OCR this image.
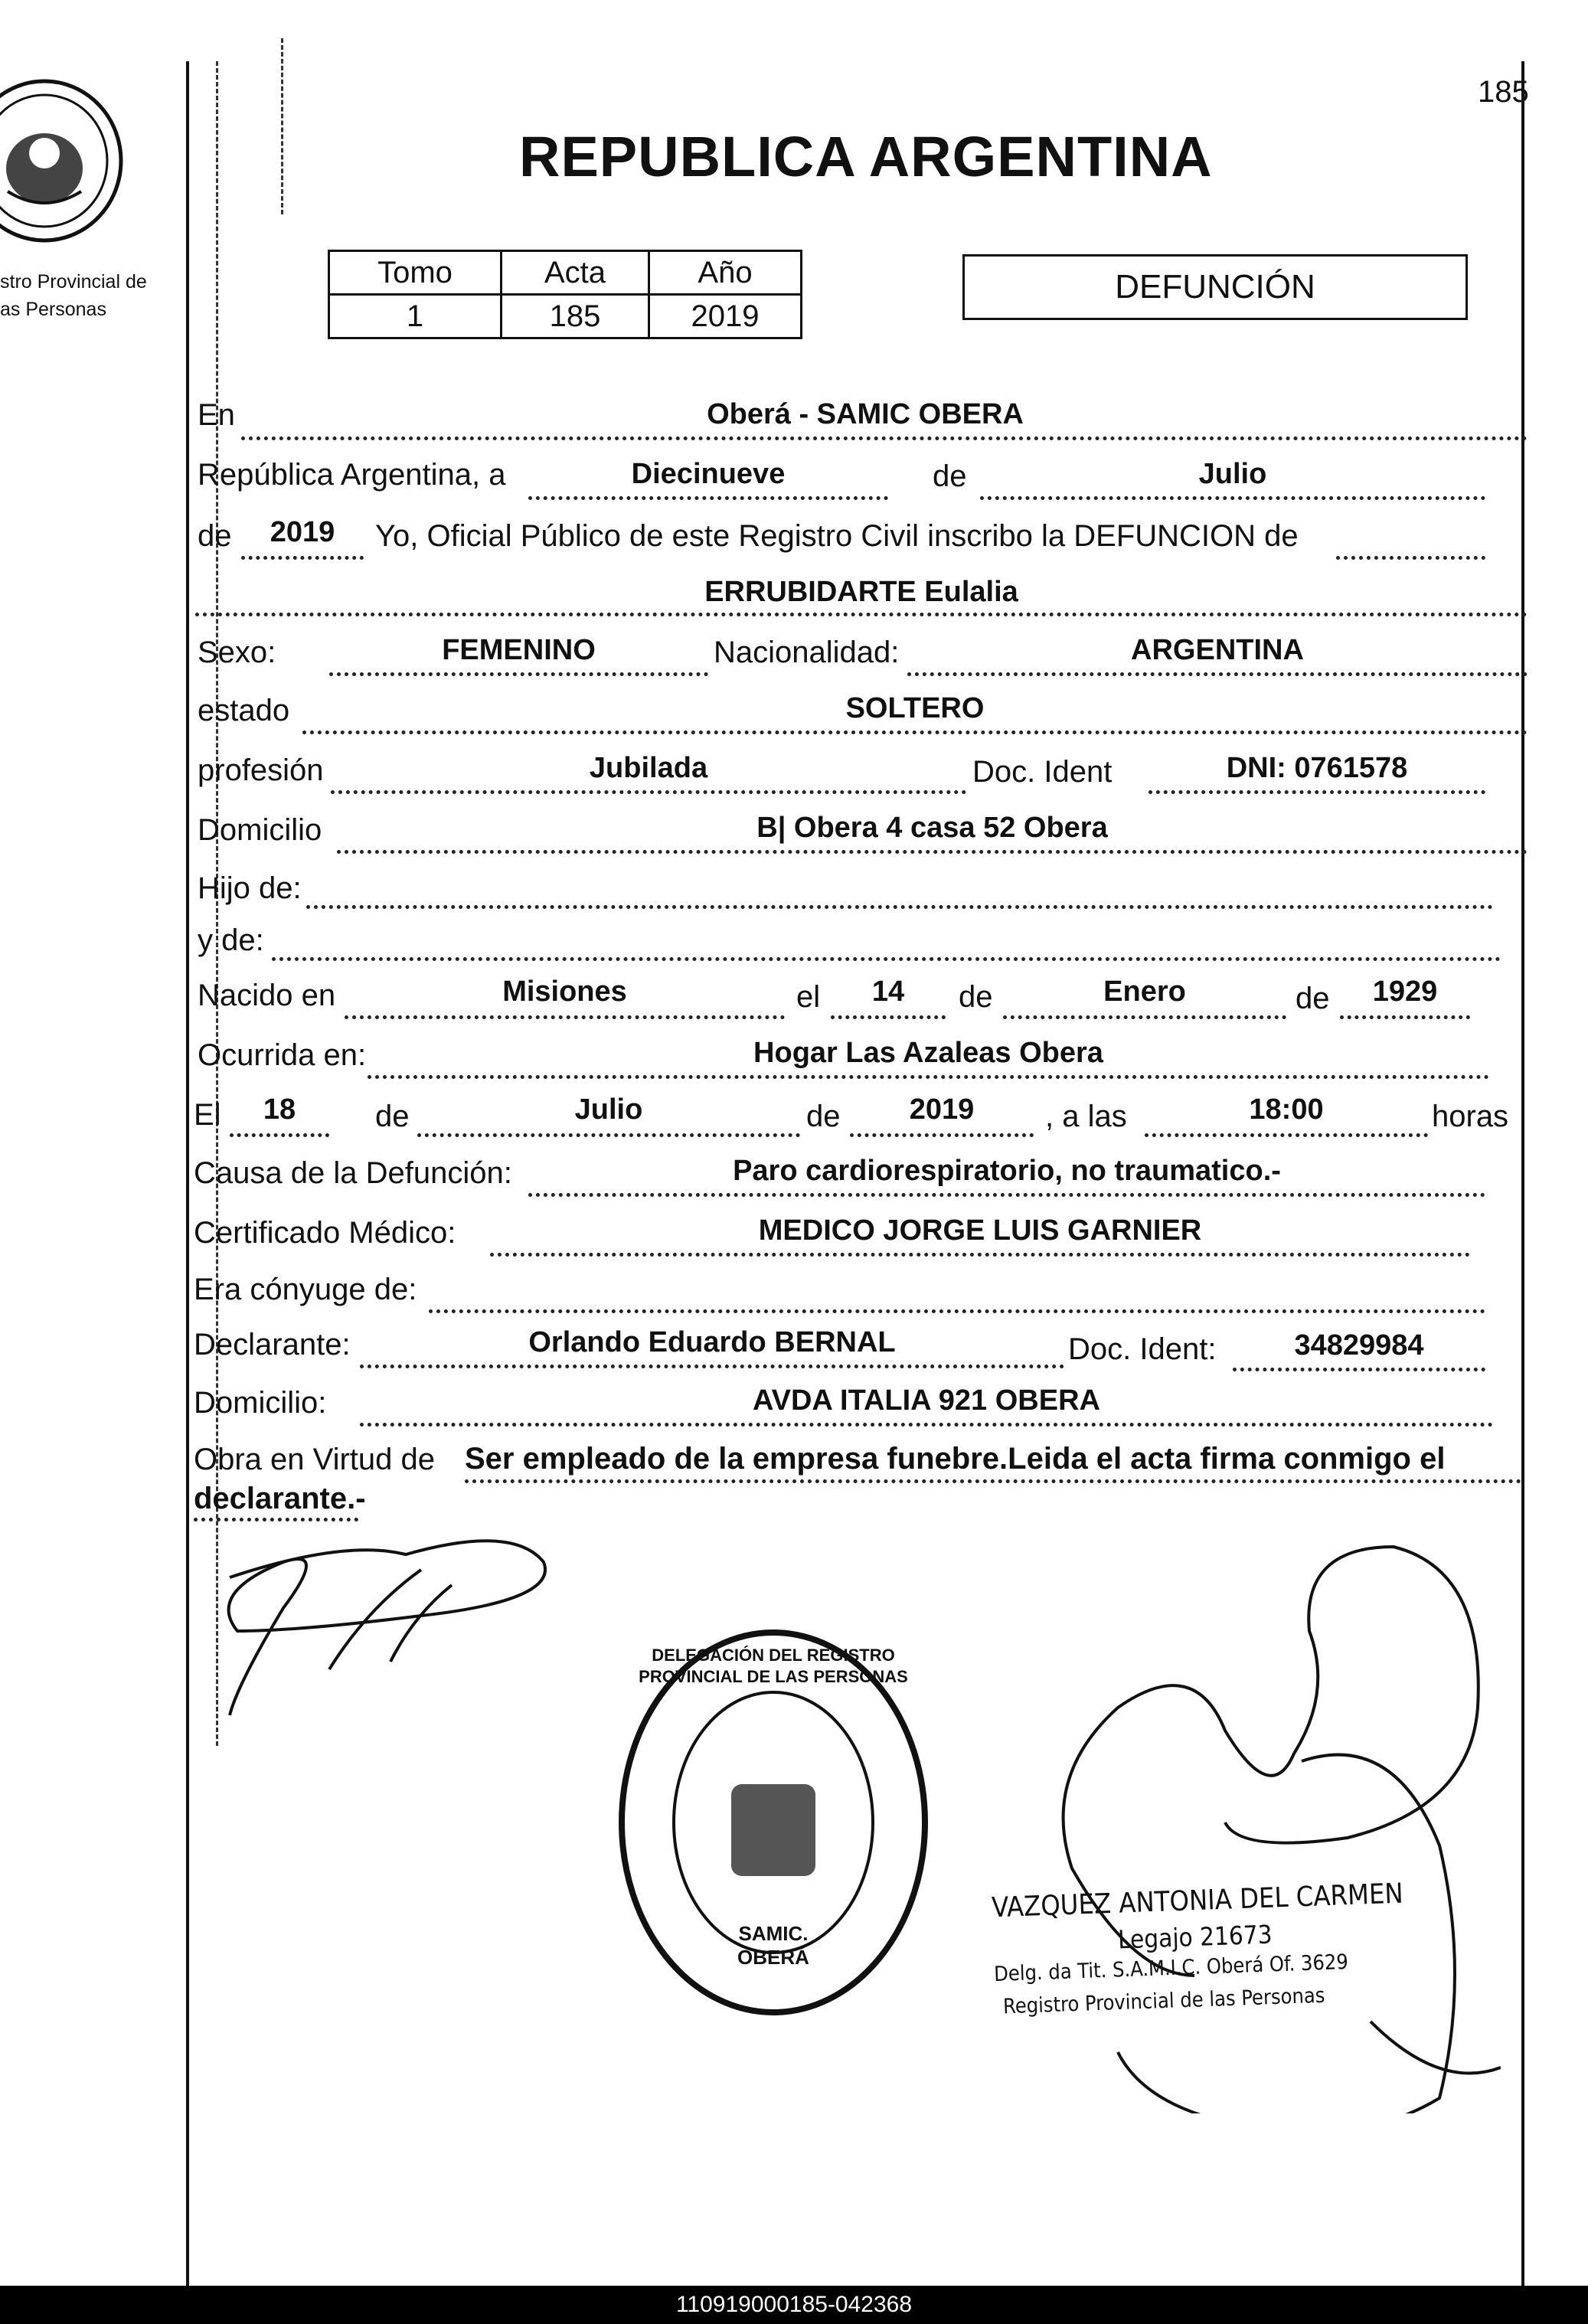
stro Provincial de
as Personas
185
REPUBLICA ARGENTINA
Tomo	Acta	Año
1	185	2019
DEFUNCIÓN
En	Oberá - SAMIC OBERA
República Argentina, a	Diecinueve	de	Julio
de	2019	Yo, Oficial Público de este Registro Civil inscribo la DEFUNCION de
ERRUBIDARTE Eulalia
Sexo:	FEMENINO	Nacionalidad:	ARGENTINA
estado	SOLTERO
profesión	Jubilada	Doc. Ident	DNI: 0761578
Domicilio	B| Obera 4 casa 52 Obera
Hijo de:
y de:
Nacido en	Misiones	el	14	de	Enero	de	1929
Ocurrida en:	Hogar Las Azaleas Obera
El	18	de	Julio	de	2019	, a las	18:00	horas
Causa de la Defunción:	Paro cardiorespiratorio, no traumatico.-
Certificado Médico:	MEDICO JORGE LUIS GARNIER
Era cónyuge de:
Declarante:	Orlando Eduardo BERNAL	Doc. Ident:	34829984
Domicilio:	AVDA ITALIA 921 OBERA
Obra en Virtud de Ser empleado de la empresa funebre.Leida el acta firma conmigo el
declarante.-
DELEGACIÓN DEL REGISTRO PROVINCIAL DE LAS PERSONAS
SAMIC. OBERÁ
VAZQUEZ ANTONIA DEL CARMEN
Legajo 21673
Delg. da Tit. S.A.M.I.C. Oberá Of. 3629
Registro Provincial de las Personas
110919000185-042368
